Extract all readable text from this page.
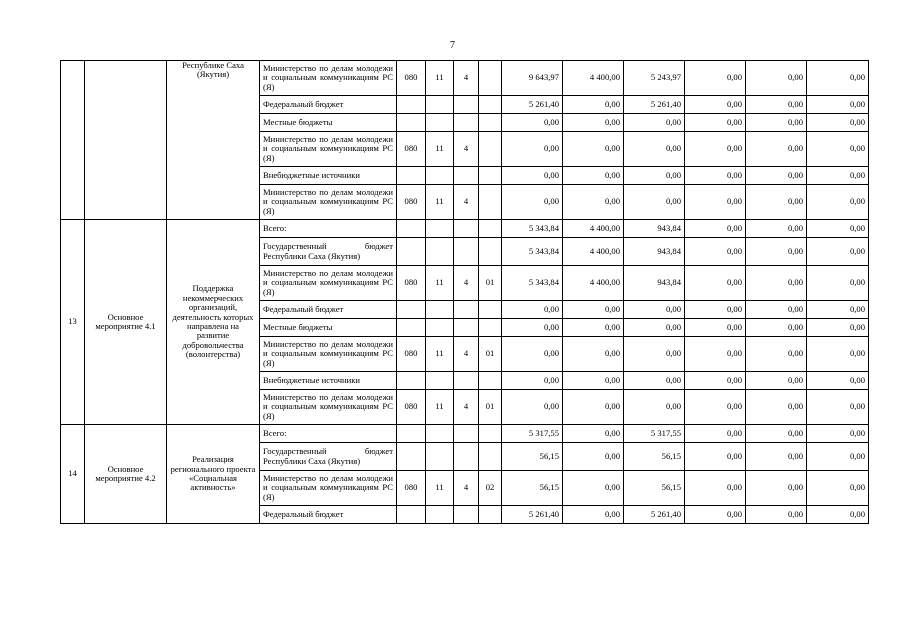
7
		Республике Саха (Якутия)	Министерство по делам молодежи и социальным коммуникациям РС (Я)	080	11	4		9 643,97	4 400,00	5 243,97	0,00	0,00	0,00
			Федеральный бюджет					5 261,40	0,00	5 261,40	0,00	0,00	0,00
			Местные бюджеты					0,00	0,00	0,00	0,00	0,00	0,00
			Министерство по делам молодежи и социальным коммуникациям РС (Я)	080	11	4		0,00	0,00	0,00	0,00	0,00	0,00
			Внебюджетные источники					0,00	0,00	0,00	0,00	0,00	0,00
			Министерство по делам молодежи и социальным коммуникациям РС (Я)	080	11	4		0,00	0,00	0,00	0,00	0,00	0,00
13	Основное мероприятие 4.1	Поддержка некоммерческих организаций, деятельность которых направлена на развитие добровольчества (волонтерства)	Всего:					5 343,84	4 400,00	943,84	0,00	0,00	0,00
			Государственный бюджет Республики Саха (Якутия)					5 343,84	4 400,00	943,84	0,00	0,00	0,00
			Министерство по делам молодежи и социальным коммуникациям РС (Я)	080	11	4	01	5 343,84	4 400,00	943,84	0,00	0,00	0,00
			Федеральный бюджет					0,00	0,00	0,00	0,00	0,00	0,00
			Местные бюджеты					0,00	0,00	0,00	0,00	0,00	0,00
			Министерство по делам молодежи и социальным коммуникациям РС (Я)	080	11	4	01	0,00	0,00	0,00	0,00	0,00	0,00
			Внебюджетные источники					0,00	0,00	0,00	0,00	0,00	0,00
			Министерство по делам молодежи и социальным коммуникациям РС (Я)	080	11	4	01	0,00	0,00	0,00	0,00	0,00	0,00
14	Основное мероприятие 4.2	Реализация регионального проекта «Социальная активность»	Всего:					5 317,55	0,00	5 317,55	0,00	0,00	0,00
			Государственный бюджет Республики Саха (Якутия)					56,15	0,00	56,15	0,00	0,00	0,00
			Министерство по делам молодежи и социальным коммуникациям РС (Я)	080	11	4	02	56,15	0,00	56,15	0,00	0,00	0,00
			Федеральный бюджет					5 261,40	0,00	5 261,40	0,00	0,00	0,00
